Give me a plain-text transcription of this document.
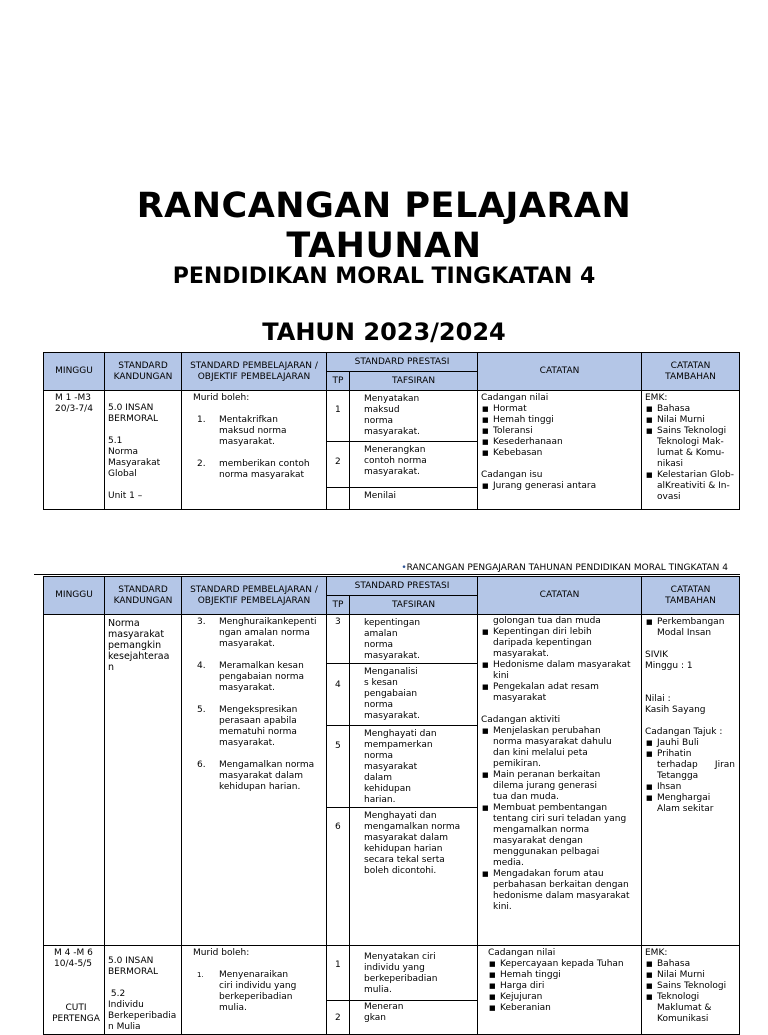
RANCANGAN PELAJARAN
TAHUNAN
PENDIDIKAN MORAL TINGKATAN 4
TAHUN 2023/2024
MINGGU
STANDARD KANDUNGAN
STANDARD PEMBELAJARAN / OBJEKTIF PEMBELAJARAN
STANDARD PRESTASI
TP	TAFSIRAN
CATATAN
CATATAN TAMBAHAN
M 1 -M3
20/3-7/4 5.0 INSAN
BERMORAL
5.1
Norma
Masyarakat
Global
Unit 1 –
Murid boleh:
1. Mentakrifkan
maksud norma
masyarakat.
2. memberikan contoh
norma masyarakat
1
2
Menyatakan
maksud
norma
masyarakat.
Menerangkan
contoh norma
masyarakat.
Menilai
Cadangan nilai
■ Hormat
■ Hemah tinggi
■ Toleransi
■ Kesederhanaan
■ Kebebasan
Cadangan isu
■ Jurang generasi antara
EMK:
■ Bahasa
■ Nilai Murni
■ Sains Teknologi
Teknologi Mak-
lumat & Komu-
nikasi
■ Kelestarian Glob-
alKreativiti & In-
ovasi
•RANCANGAN PENGAJARAN TAHUNAN PENDIDIKAN MORAL TINGKATAN 4
MINGGU
STANDARD KANDUNGAN
STANDARD PEMBELAJARAN / OBJEKTIF PEMBELAJARAN
STANDARD PRESTASI
TP	TAFSIRAN
CATATAN
CATATAN TAMBAHAN
Norma
masyarakat
pemangkin
kesejahteraa
n
3. Menghuraikankepenti
ngan amalan norma
masyarakat.
4. Meramalkan kesan
pengabaian norma
masyarakat.
5. Mengekspresikan
perasaan apabila
mematuhi norma
masyarakat.
6. Mengamalkan norma
masyarakat dalam
kehidupan harian.
3
4
5
6
kepentingan
amalan
norma
masyarakat.
Menganalisi
s kesan
pengabaian
norma
masyarakat.
Menghayati dan
mempamerkan
norma
masyarakat
dalam
kehidupan
harian.
Menghayati dan
mengamalkan norma
masyarakat dalam
kehidupan harian
secara tekal serta
boleh dicontohi.
golongan tua dan muda
■ Kepentingan diri lebih
daripada kepentingan
masyarakat.
■ Hedonisme dalam masyarakat
kini
■ Pengekalan adat resam
masyarakat
Cadangan aktiviti
■ Menjelaskan perubahan
norma masyarakat dahulu
dan kini melalui peta
pemikiran.
■ Main peranan berkaitan
dilema jurang generasi
tua dan muda.
■ Membuat pembentangan
tentang ciri suri teladan yang
mengamalkan norma
masyarakat dengan
menggunakan pelbagai
media.
■ Mengadakan forum atau
perbahasan berkaitan dengan
hedonisme dalam masyarakat
kini.
■ Perkembangan
Modal Insan
SIVIK
Minggu : 1
Nilai :
Kasih Sayang
Cadangan Tajuk :
■ Jauhi Buli
■ Prihatin
terhadap      Jiran
Tetangga
■ Ihsan
■ Menghargai
Alam sekitar
M 4 -M 6
10/4-5/5
CUTI
PERTENGA
5.0 INSAN
BERMORAL
5.2
Individu
Berkeperibadia
n Mulia
Murid boleh:
1. Menyenaraikan
ciri individu yang
berkeperibadian
mulia.
1
2
Menyatakan ciri
individu yang
berkeperibadian
mulia.
Meneran
gkan
Cadangan nilai
■ Kepercayaan kepada Tuhan
■ Hemah tinggi
■ Harga diri
■ Kejujuran
■ Keberanian
EMK:
■ Bahasa
■ Nilai Murni
■ Sains Teknologi
■ Teknologi
Maklumat &
Komunikasi
